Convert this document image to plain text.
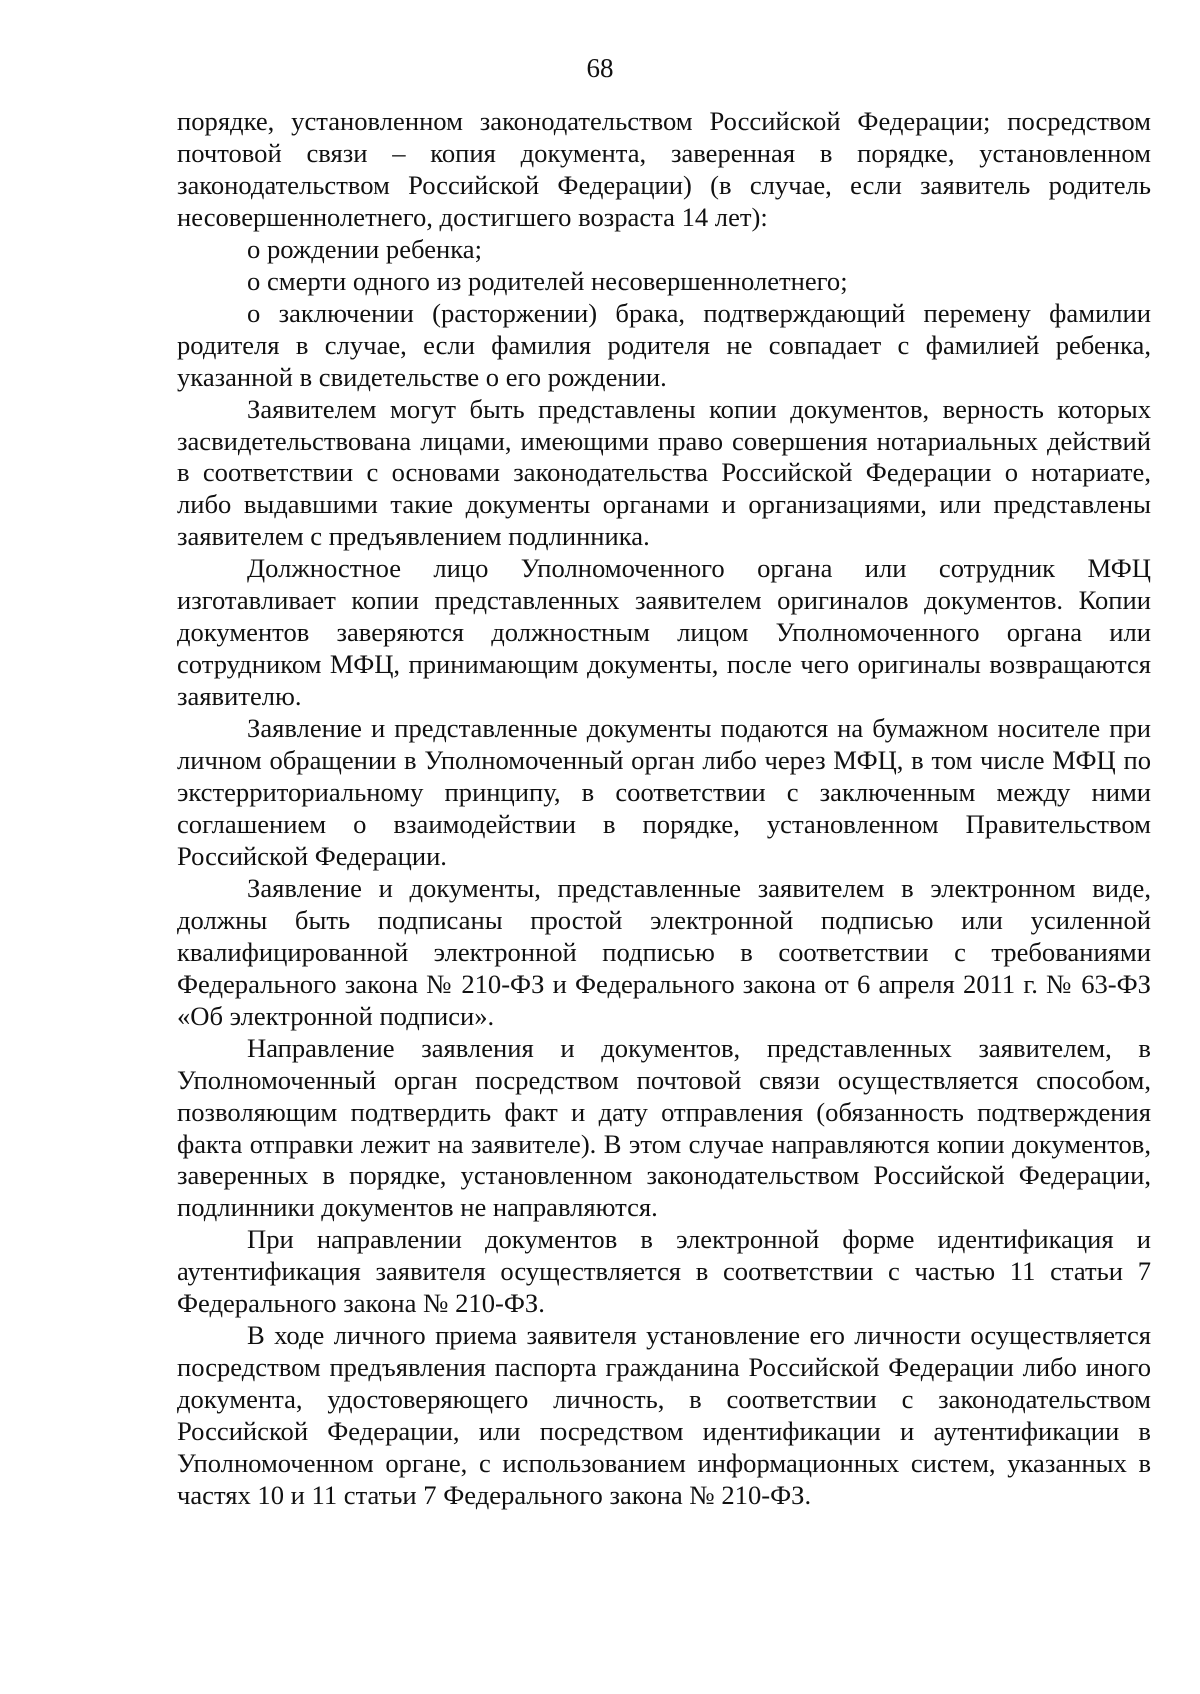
68

порядке, установленном законодательством Российской Федерации; посредством почтовой связи – копия документа, заверенная в порядке, установленном законодательством Российской Федерации) (в случае, если заявитель родитель несовершеннолетнего, достигшего возраста 14 лет):

о рождении ребенка;

о смерти одного из родителей несовершеннолетнего;

о заключении (расторжении) брака, подтверждающий перемену фамилии родителя в случае, если фамилия родителя не совпадает с фамилией ребенка, указанной в свидетельстве о его рождении.

Заявителем могут быть представлены копии документов, верность которых засвидетельствована лицами, имеющими право совершения нотариальных действий в соответствии с основами законодательства Российской Федерации о нотариате, либо выдавшими такие документы органами и организациями, или представлены заявителем с предъявлением подлинника.

Должностное лицо Уполномоченного органа или сотрудник МФЦ изготавливает копии представленных заявителем оригиналов документов. Копии документов заверяются должностным лицом Уполномоченного органа или сотрудником МФЦ, принимающим документы, после чего оригиналы возвращаются заявителю.

Заявление и представленные документы подаются на бумажном носителе при личном обращении в Уполномоченный орган либо через МФЦ, в том числе МФЦ по экстерриториальному принципу, в соответствии с заключенным между ними соглашением о взаимодействии в порядке, установленном Правительством Российской Федерации.

Заявление и документы, представленные заявителем в электронном виде, должны быть подписаны простой электронной подписью или усиленной квалифицированной электронной подписью в соответствии с требованиями Федерального закона № 210-ФЗ и Федерального закона от 6 апреля 2011 г. № 63-ФЗ «Об электронной подписи».

Направление заявления и документов, представленных заявителем, в Уполномоченный орган посредством почтовой связи осуществляется способом, позволяющим подтвердить факт и дату отправления (обязанность подтверждения факта отправки лежит на заявителе). В этом случае направляются копии документов, заверенных в порядке, установленном законодательством Российской Федерации, подлинники документов не направляются.

При направлении документов в электронной форме идентификация и аутентификация заявителя осуществляется в соответствии с частью 11 статьи 7 Федерального закона № 210-ФЗ.

В ходе личного приема заявителя установление его личности осуществляется посредством предъявления паспорта гражданина Российской Федерации либо иного документа, удостоверяющего личность, в соответствии с законодательством Российской Федерации, или посредством идентификации и аутентификации в Уполномоченном органе, с использованием информационных систем, указанных в частях 10 и 11 статьи 7 Федерального закона № 210-ФЗ.
